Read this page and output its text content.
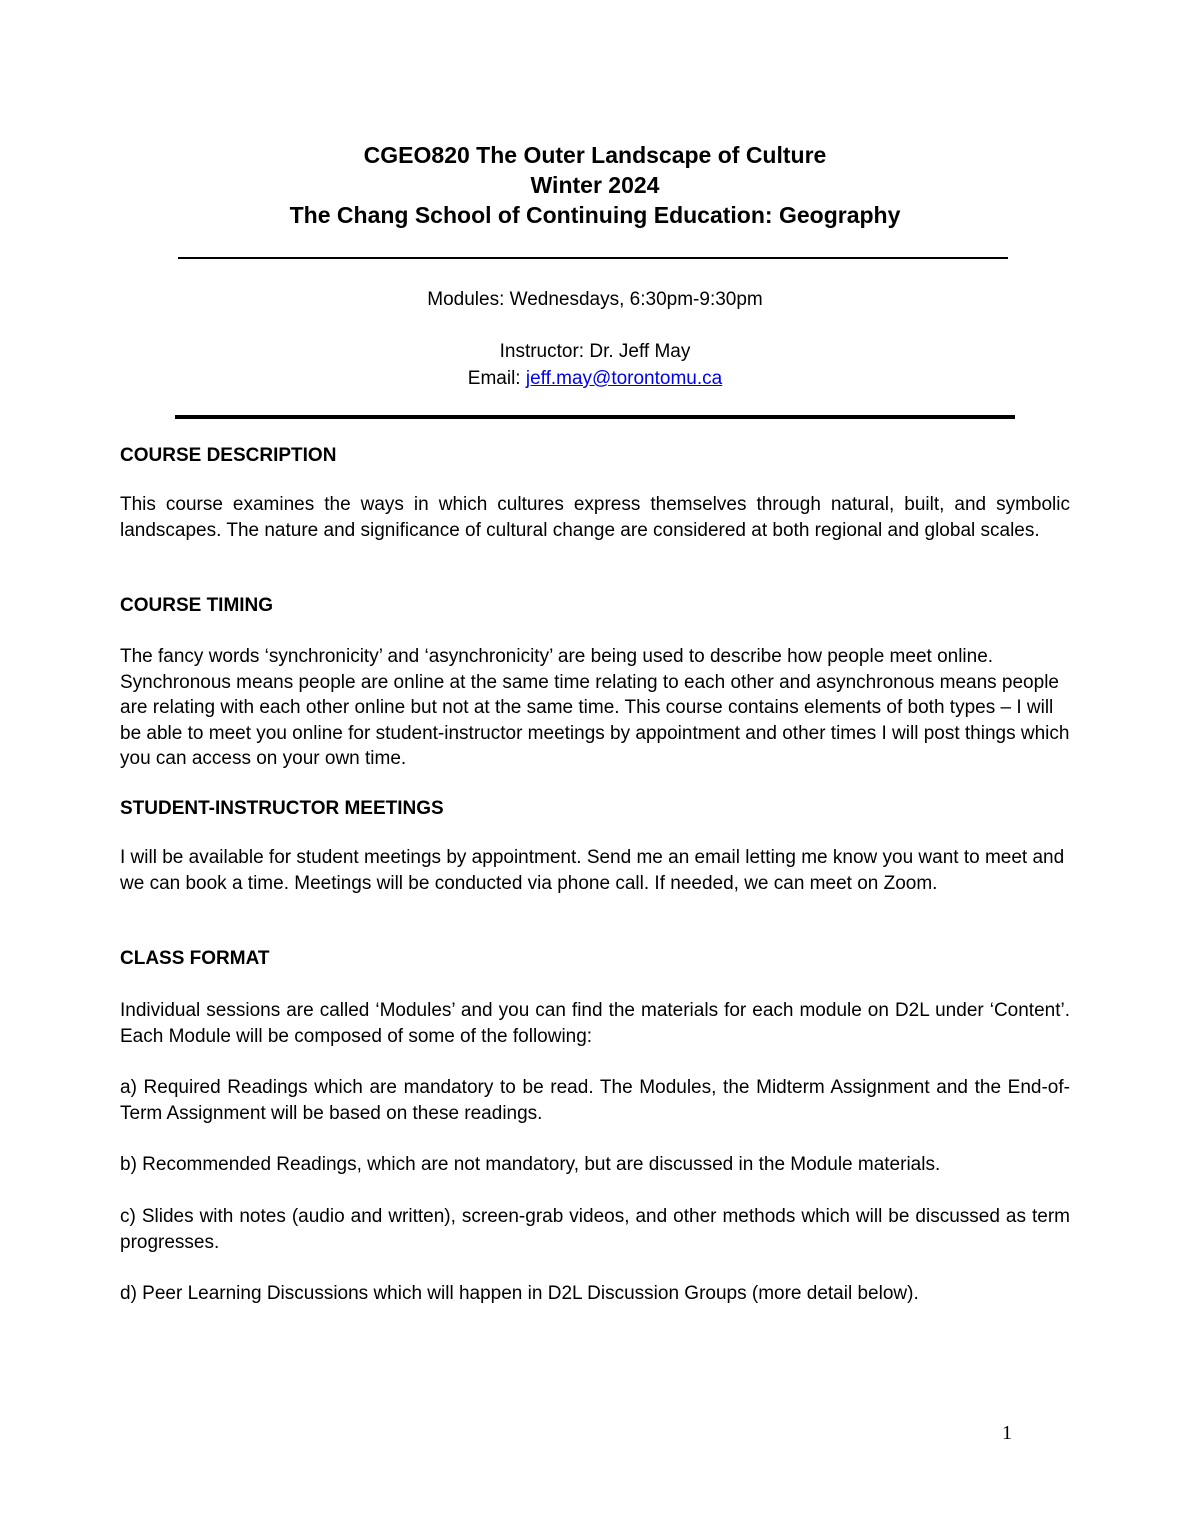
CGEO820 The Outer Landscape of Culture
Winter 2024
The Chang School of Continuing Education: Geography
Modules: Wednesdays, 6:30pm-9:30pm
Instructor: Dr. Jeff May
Email: jeff.may@torontomu.ca
COURSE DESCRIPTION
This course examines the ways in which cultures express themselves through natural, built, and symbolic landscapes. The nature and significance of cultural change are considered at both regional and global scales.
COURSE TIMING
The fancy words ‘synchronicity’ and ‘asynchronicity’ are being used to describe how people meet online. Synchronous means people are online at the same time relating to each other and asynchronous means people are relating with each other online but not at the same time. This course contains elements of both types – I will be able to meet you online for student-instructor meetings by appointment and other times I will post things which you can access on your own time.
STUDENT-INSTRUCTOR MEETINGS
I will be available for student meetings by appointment. Send me an email letting me know you want to meet and we can book a time. Meetings will be conducted via phone call. If needed, we can meet on Zoom.
CLASS FORMAT
Individual sessions are called ‘Modules’ and you can find the materials for each module on D2L under ‘Content’. Each Module will be composed of some of the following:
a) Required Readings which are mandatory to be read. The Modules, the Midterm Assignment and the End-of-Term Assignment will be based on these readings.
b) Recommended Readings, which are not mandatory, but are discussed in the Module materials.
c) Slides with notes (audio and written), screen-grab videos, and other methods which will be discussed as term progresses.
d) Peer Learning Discussions which will happen in D2L Discussion Groups (more detail below).
1
